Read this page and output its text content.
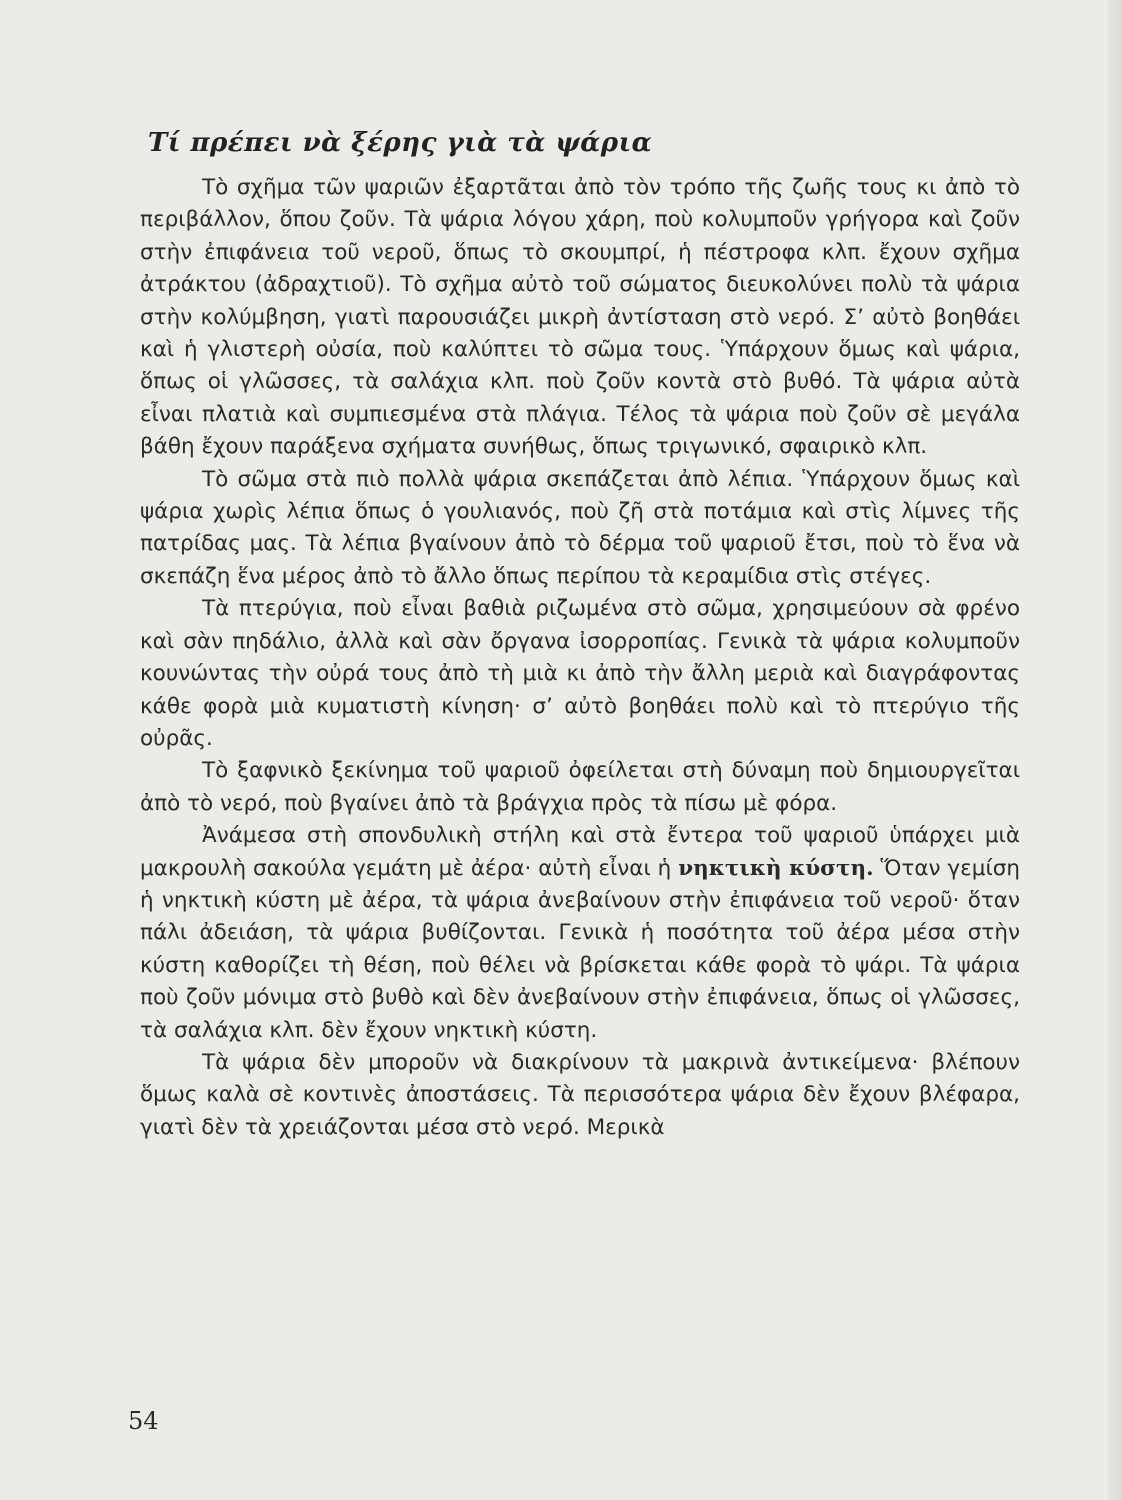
Τί πρέπει νὰ ξέρης γιὰ τὰ ψάρια

Τὸ σχῆμα τῶν ψαριῶν ἐξαρτᾶται ἀπὸ τὸν τρόπο τῆς ζωῆς τους κι ἀπὸ τὸ περιβάλλον, ὅπου ζοῦν. Τὰ ψάρια λόγου χάρη, ποὺ κολυμποῦν γρήγορα καὶ ζοῦν στὴν ἐπιφάνεια τοῦ νεροῦ, ὅπως τὸ σκουμπρί, ἡ πέστροφα κλπ. ἔχουν σχῆμα ἀτράκτου (ἀδραχτιοῦ). Τὸ σχῆμα αὐτὸ τοῦ σώματος διευκολύνει πολὺ τὰ ψάρια στὴν κολύμβηση, γιατὶ παρουσιάζει μικρὴ ἀντίσταση στὸ νερό. Σ’ αὐτὸ βοηθάει καὶ ἡ γλιστερὴ οὐσία, ποὺ καλύπτει τὸ σῶμα τους. Ὑπάρχουν ὅμως καὶ ψάρια, ὅπως οἱ γλῶσσες, τὰ σαλάχια κλπ. ποὺ ζοῦν κοντὰ στὸ βυθό. Τὰ ψάρια αὐτὰ εἶναι πλατιὰ καὶ συμπιεσμένα στὰ πλάγια. Τέλος τὰ ψάρια ποὺ ζοῦν σὲ μεγάλα βάθη ἔχουν παράξενα σχήματα συνήθως, ὅπως τριγωνικό, σφαιρικὸ κλπ.

Τὸ σῶμα στὰ πιὸ πολλὰ ψάρια σκεπάζεται ἀπὸ λέπια. Ὑπάρχουν ὅμως καὶ ψάρια χωρὶς λέπια ὅπως ὁ γουλιανός, ποὺ ζῆ στὰ ποτάμια καὶ στὶς λίμνες τῆς πατρίδας μας. Τὰ λέπια βγαίνουν ἀπὸ τὸ δέρμα τοῦ ψαριοῦ ἔτσι, ποὺ τὸ ἕνα νὰ σκεπάζη ἕνα μέρος ἀπὸ τὸ ἄλλο ὅπως περίπου τὰ κεραμίδια στὶς στέγες.

Τὰ πτερύγια, ποὺ εἶναι βαθιὰ ριζωμένα στὸ σῶμα, χρησιμεύουν σὰ φρένο καὶ σὰν πηδάλιο, ἀλλὰ καὶ σὰν ὄργανα ἰσορροπίας. Γενικὰ τὰ ψάρια κολυμποῦν κουνώντας τὴν οὐρά τους ἀπὸ τὴ μιὰ κι ἀπὸ τὴν ἄλλη μεριὰ καὶ διαγράφοντας κάθε φορὰ μιὰ κυματιστὴ κίνηση· σ’ αὐτὸ βοηθάει πολὺ καὶ τὸ πτερύγιο τῆς οὐρᾶς.

Τὸ ξαφνικὸ ξεκίνημα τοῦ ψαριοῦ ὀφείλεται στὴ δύναμη ποὺ δημιουργεῖται ἀπὸ τὸ νερό, ποὺ βγαίνει ἀπὸ τὰ βράγχια πρὸς τὰ πίσω μὲ φόρα.

Ἀνάμεσα στὴ σπονδυλικὴ στήλη καὶ στὰ ἔντερα τοῦ ψαριοῦ ὑπάρχει μιὰ μακρουλὴ σακούλα γεμάτη μὲ ἀέρα· αὐτὴ εἶναι ἡ νηκτικὴ κύστη. Ὅταν γεμίση ἡ νηκτικὴ κύστη μὲ ἀέρα, τὰ ψάρια ἀνεβαίνουν στὴν ἐπιφάνεια τοῦ νεροῦ· ὅταν πάλι ἀδειάση, τὰ ψάρια βυθίζονται. Γενικὰ ἡ ποσότητα τοῦ ἀέρα μέσα στὴν κύστη καθορίζει τὴ θέση, ποὺ θέλει νὰ βρίσκεται κάθε φορὰ τὸ ψάρι. Τὰ ψάρια ποὺ ζοῦν μόνιμα στὸ βυθὸ καὶ δὲν ἀνεβαίνουν στὴν ἐπιφάνεια, ὅπως οἱ γλῶσσες, τὰ σαλάχια κλπ. δὲν ἔχουν νηκτικὴ κύστη.

Τὰ ψάρια δὲν μποροῦν νὰ διακρίνουν τὰ μακρινὰ ἀντικείμενα· βλέπουν ὅμως καλὰ σὲ κοντινὲς ἀποστάσεις. Τὰ περισσότερα ψάρια δὲν ἔχουν βλέφαρα, γιατὶ δὲν τὰ χρειάζονται μέσα στὸ νερό. Μερικὰ

54
